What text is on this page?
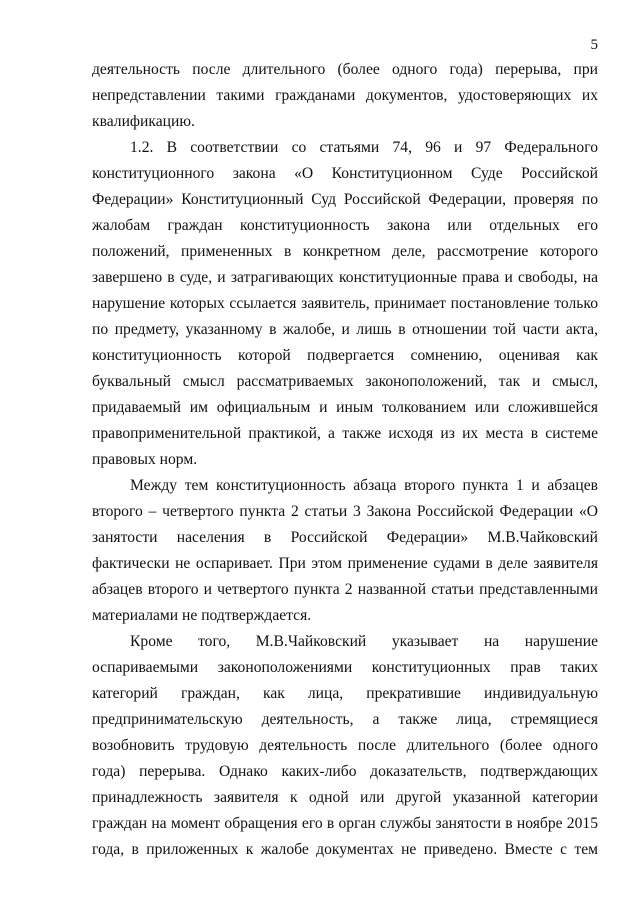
5
деятельность после длительного (более одного года) перерыва, при
непредставлении такими гражданами документов, удостоверяющих их
квалификацию.
1.2. В соответствии со статьями 74, 96 и 97 Федерального
конституционного закона «О Конституционном Суде Российской
Федерации» Конституционный Суд Российской Федерации, проверяя по
жалобам граждан конституционность закона или отдельных его
положений, примененных в конкретном деле, рассмотрение которого
завершено в суде, и затрагивающих конституционные права и свободы, на
нарушение которых ссылается заявитель, принимает постановление только
по предмету, указанному в жалобе, и лишь в отношении той части акта,
конституционность которой подвергается сомнению, оценивая как
буквальный смысл рассматриваемых законоположений, так и смысл,
придаваемый им официальным и иным толкованием или сложившейся
правоприменительной практикой, а также исходя из их места в системе
правовых норм.
Между тем конституционность абзаца второго пункта 1 и абзацев
второго – четвертого пункта 2 статьи 3 Закона Российской Федерации «О
занятости населения в Российской Федерации» М.В.Чайковский
фактически не оспаривает. При этом применение судами в деле заявителя
абзацев второго и четвертого пункта 2 названной статьи представленными
материалами не подтверждается.
Кроме того, М.В.Чайковский указывает на нарушение
оспариваемыми законоположениями конституционных прав таких
категорий граждан, как лица, прекратившие индивидуальную
предпринимательскую деятельность, а также лица, стремящиеся
возобновить трудовую деятельность после длительного (более одного
года) перерыва. Однако каких-либо доказательств, подтверждающих
принадлежность заявителя к одной или другой указанной категории
граждан на момент обращения его в орган службы занятости в ноябре 2015
года, в приложенных к жалобе документах не приведено. Вместе с тем
